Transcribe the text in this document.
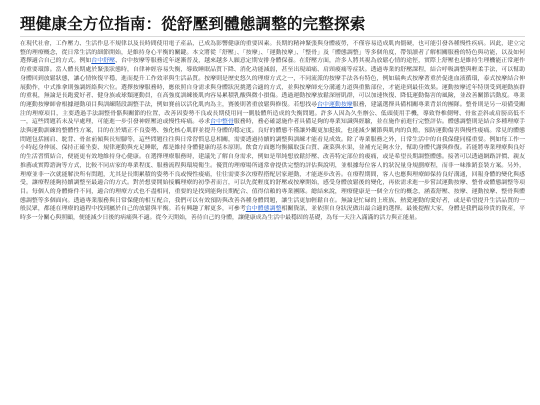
理健康全方位指南：從舒壓到體態調整的完整探索
在現代社會，工作壓力、生活作息不規律以及長時間使用電子產品，已成為影響健康的重要因素。長期的精神緊張與身體疲勞，不僅容易造成肌肉僵硬，也可能引發各種慢性疾病。因此，建立完整的理療概念，從日常生活的細節開始，是維持身心平衡的關鍵。本文將從「舒壓」、「按摩」、「運動按摩」、「整骨」及「體態調整」等多個角度，帶領讀者了解相關服務的特色與功能，以及如何選擇適合自己的方式。例如台中舒壓、台中按摩等服務近年逐漸普及，越來越多人願意定期安排身體保養。在舒壓方面，許多人將其視為放鬆心情的途徑，實際上舒壓也是維持生理機能正常運作的重要環節。當人體長期處於緊張狀態時，自律神經容易失衡，導致睡眠品質下降、消化功能減弱，甚至出現頭痛、肩頸痠痛等症狀。透過專業的舒壓課程，結合呼吸調整與輕柔手法，可以幫助身體回到放鬆狀態，讓心情恢復平穩，進而提升工作效率與生活品質。按摩則是歷史悠久的理療方式之一，不同流派的按摩手法各有特色，例如瑞典式按摩著重於促進血液循環，泰式按摩結合伸展動作，中式推拿則強調經絡與穴位。選擇按摩服務時，應依照自身需求與身體狀況挑選合適的方式，並與按摩師充分溝通力道與重點部位，才能達到最佳效果。運動按摩近年特別受到運動族群的重視，無論是長跑愛好者、健身族或球類運動員，在高強度訓練後肌肉容易累積乳酸與微小損傷。透過運動按摩放鬆深層肌群，可以加速恢復、降低運動傷害的風險，並改善關節活動度。專業的運動按摩師會根據運動項目與訓練階段調整手法，例如賽前以活化肌肉為主，賽後則著重放鬆與修復。若想找尋台中運動按摩服務，建議選擇具備相關專業背景的團隊。整骨則是另一項備受關注的理療項目，主要透過手法調整骨骼與關節的位置，改善因姿勢不良或長期使用同一側肢體所造成的失衡問題。許多人因為久坐辦公、低頭使用手機，導致脊椎側彎、骨盆歪斜或肩膀高低不一，這些問題若未及早處理，可能進一步引發神經壓迫或慢性疼痛。尋求台中整骨服務時，務必確認施作者具備足夠的專業知識與經驗，並在施作前進行完整評估。體態調整則是結合多種理療手法與運動訓練的整體性方案，目的在於矯正不良姿勢、強化核心肌群並提升身體的穩定度。良好的體態不僅讓外觀更加挺拔，也能減少關節與肌肉的負擔，預防運動傷害與慢性痠痛。常見的體態問題包括圓肩、駝背、骨盆前傾與長短腳等，這些問題往往與日常習慣息息相關，需要透過持續的調整與訓練才能看見成效。除了專業服務之外，日常生活中的自我保健同樣重要。例如每工作一小時起身伸展、保持正確坐姿、規律運動與充足睡眠，都是維持身體健康的基本原則。飲食方面應均衡攝取蛋白質、蔬菜與水果，並補充足夠水分，幫助身體代謝與修復。若能將專業理療與良好的生活習慣結合，便能更有效地維持身心健康。在選擇理療服務時，建議先了解自身需求，例如是單純想放鬆紓壓、改善特定部位的痠痛，或是希望長期調整體態。接著可以透過網路評價、親友推薦或實際諮詢等方式，比較不同店家的專業程度、服務流程與環境衛生。優質的理療場所通常會提供完整的評估與說明，並根據每位客人的狀況量身規劃療程，而非一味推銷套裝方案。另外，理療並非一次就能解決所有問題，尤其是長期累積的姿勢不良或慢性痠痛，往往需要多次療程搭配居家運動，才能逐步改善。在療程期間，客人也應與理療師保持良好溝通，回報身體的變化與感受，讓療程能夠持續調整至最適合的方式。對於想要開始接觸理療的初學者而言，可以先從輕度的舒壓或按摩開始，感受身體放鬆後的變化，再依需求進一步嘗試運動按摩、整骨或體態調整等項目。每個人的身體條件不同，適合的理療方式也不盡相同，重要的是找到能夠長期配合、值得信賴的專業團隊。總結來說，理療健康是一個全方位的概念，涵蓋舒壓、按摩、運動按摩、整骨與體態調整等多個面向。透過專業服務與日常保健的相互配合，我們可以有效預防與改善各種身體問題，讓生活更加輕鬆自在。無論是忙碌的上班族、熱愛運動的愛好者，或是希望提升生活品質的一般民眾，都能在理療的過程中找到屬於自己的放鬆與平衡。若有興趣了解更多，可參考台中體態調整相關資訊，並依照自身狀況做出最合適的選擇。最後提醒大家，身體是我們最珍貴的資產，平時多一分關心與照顧，便能減少日後的病痛與不適。從今天開始，善待自己的身體，讓健康成為生活中最穩固的基礎，為每一天注入滿滿的活力與正能量。
